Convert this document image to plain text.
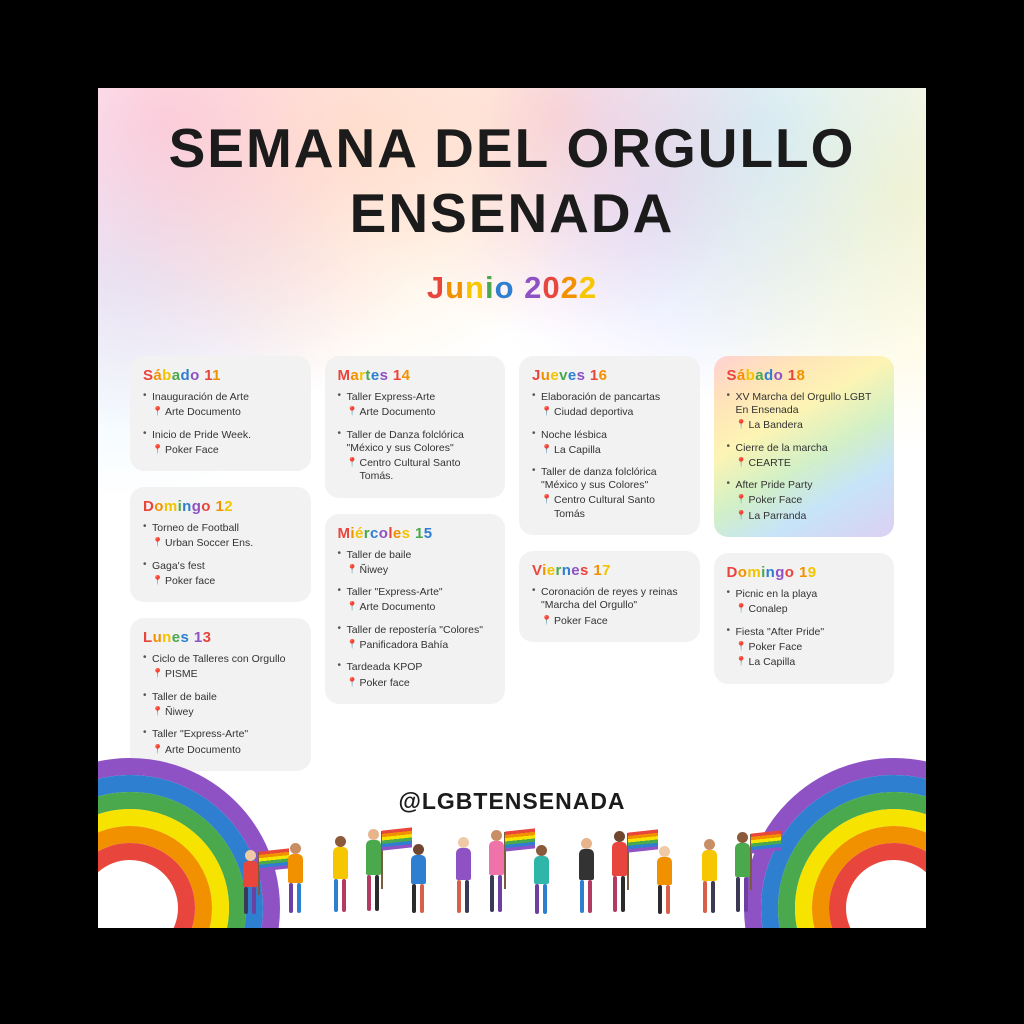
SEMANA DEL ORGULLO
ENSENADA
Junio 2022
Sábado 11
• Inauguración de Arte
📍 Arte Documento
• Inicio de Pride Week.
📍 Poker Face
Domingo 12
• Torneo de Football
📍 Urban Soccer Ens.
• Gaga's fest
📍 Poker face
Lunes 13
• Ciclo de Talleres con Orgullo
📍 PISME
• Taller de baile
📍 Ñiwey
• Taller "Express-Arte"
📍 Arte Documento
Martes 14
• Taller Express-Arte
📍 Arte Documento
• Taller de Danza folclórica "México y sus Colores"
📍 Centro Cultural Santo Tomás.
Miércoles 15
• Taller de baile
📍 Ñiwey
• Taller "Express-Arte"
📍 Arte Documento
• Taller de repostería "Colores"
📍 Panificadora Bahía
• Tardeada KPOP
📍 Poker face
Jueves 16
• Elaboración de pancartas
📍 Ciudad deportiva
• Noche lésbica
📍 La Capilla
• Taller de danza folclórica "México y sus Colores"
📍 Centro Cultural Santo Tomás
Viernes 17
• Coronación de reyes y reinas "Marcha del Orgullo"
📍 Poker Face
Sábado 18
• XV Marcha del Orgullo LGBT En Ensenada
📍 La Bandera
• Cierre de la marcha
📍 CEARTE
• After Pride Party
📍 Poker Face
📍 La Parranda
Domingo 19
• Picnic en la playa
📍 Conalep
• Fiesta "After Pride"
📍 Poker Face
📍 La Capilla
@LGBTENSENADA
